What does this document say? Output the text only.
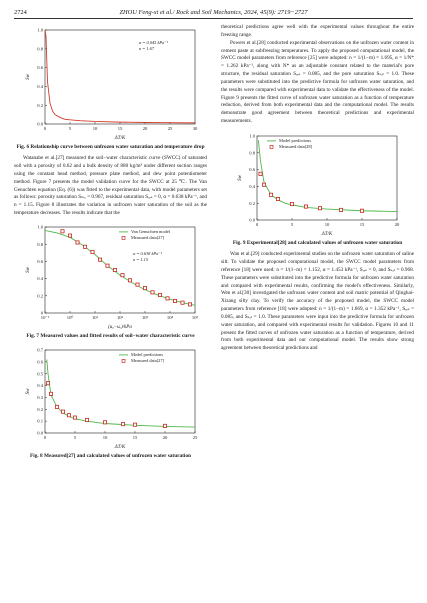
2724	ZHOU Feng-xi et al./ Rock and Soil Mechanics, 2024, 45(9): 2719−2727
0	5	10	15	20	25	30
0.0
0.2
0.4
0.6
0.8
1.0
ΔT/K
Sw
α = 0.045 kPa⁻¹
n = 1.67
Fig. 6 Relationship curve between unfrozen water saturation and temperature drop

Watanabe et al.[27] measured the soil−water characteristic curve (SWCC) of saturated soil with a porosity of 0.62 and a bulk density of 880 kg/m³ under different suction ranges using the constant head method, pressure plate method, and dew point potentiometer method. Figure 7 presents the model validation curve for the SWCC at 25 ℃. The Van Genuchten equation (Eq. (6)) was fitted to the experimental data, with model parameters set as follows: porosity saturation Sₘₐ = 0.967, residual saturation Sᵣₑₛ = 0, α = 0.638 kPa⁻¹, and n = 1.15. Figure 8 illustrates the variation in unfrozen water saturation of the soil as the temperature decreases. The results indicate that the

10⁻¹	10⁰	10¹	10²	10³	10⁴	10⁵
0
0.2
0.4
0.6
0.8
1.0
(uₐ−uᵥ)/kPa
Sw
Van Genuchten model
Measured data[27]
α = 0.638 kPa⁻¹
n = 1.15
Fig. 7 Measured values and fitted results of soil−water characteristic curve
0	5	10	15	20	25
0.0
0.1
0.2
0.3
0.4
0.5
0.6
0.7
ΔT/K
Sw
Model predictions
Measured data[27]
Fig. 8 Measured[27] and calculated values of unfrozen water saturation

theoretical predictions agree well with the experimental values throughout the entire freezing range.

Powers et al.[28] conducted experimental observations on the unfrozen water content in cement paste at subfreezing temperatures. To apply the proposed computational model, the SWCC model parameters from reference [25] were adopted: n = 1/(1−m) = 1.695, α = 1/N* = 1.262 kPa⁻¹, along with N* as an adjustable constant related to the material's pore structure, the residual saturation Sᵣₑₛ = 0.085, and the pore saturation Sₛₐₜ = 1.0. These parameters were substituted into the predictive formula for unfrozen water saturation, and the results were compared with experimental data to validate the effectiveness of the model. Figure 9 presents the fitted curve of unfrozen water saturation as a function of temperature reduction, derived from both experimental data and the computational model. The results demonstrate good agreement between theoretical predictions and experimental measurements.

0	5	10	15	20
0.0
0.2
0.4
0.6
0.8
1.0
ΔT/K
Sw
Model predictions
Measured data[28]
Fig. 9 Experimental[28] and calculated values of unfrozen water saturation

Wan et al.[29] conducted experimental studies on the unfrozen water saturation of saline silt. To validate the proposed computational model, the SWCC model parameters from reference [18] were used: n = 1/(1−m) = 1.152, α = 1.453 kPa⁻¹, Sᵣₑₛ = 0, and Sₛₐₜ = 0.968. These parameters were substituted into the predictive formula for unfrozen water saturation and compared with experimental results, confirming the model's effectiveness. Similarly, Wen et al.[30] investigated the unfrozen water content and soil matric potential of Qinghai-Xizang silty clay. To verify the accuracy of the proposed model, the SWCC model parameters from reference [18] were adopted: n = 1/(1−m) = 1.669, α = 1.352 kPa⁻¹, Sᵣₑₛ = 0.085, and Sₛₐₜ = 1.0. These parameters were input into the predictive formula for unfrozen water saturation, and compared with experimental results for validation. Figures 10 and 11 present the fitted curves of unfrozen water saturation as a function of temperature, derived from both experimental data and our computational model. The results show strong agreement between theoretical predictions and
